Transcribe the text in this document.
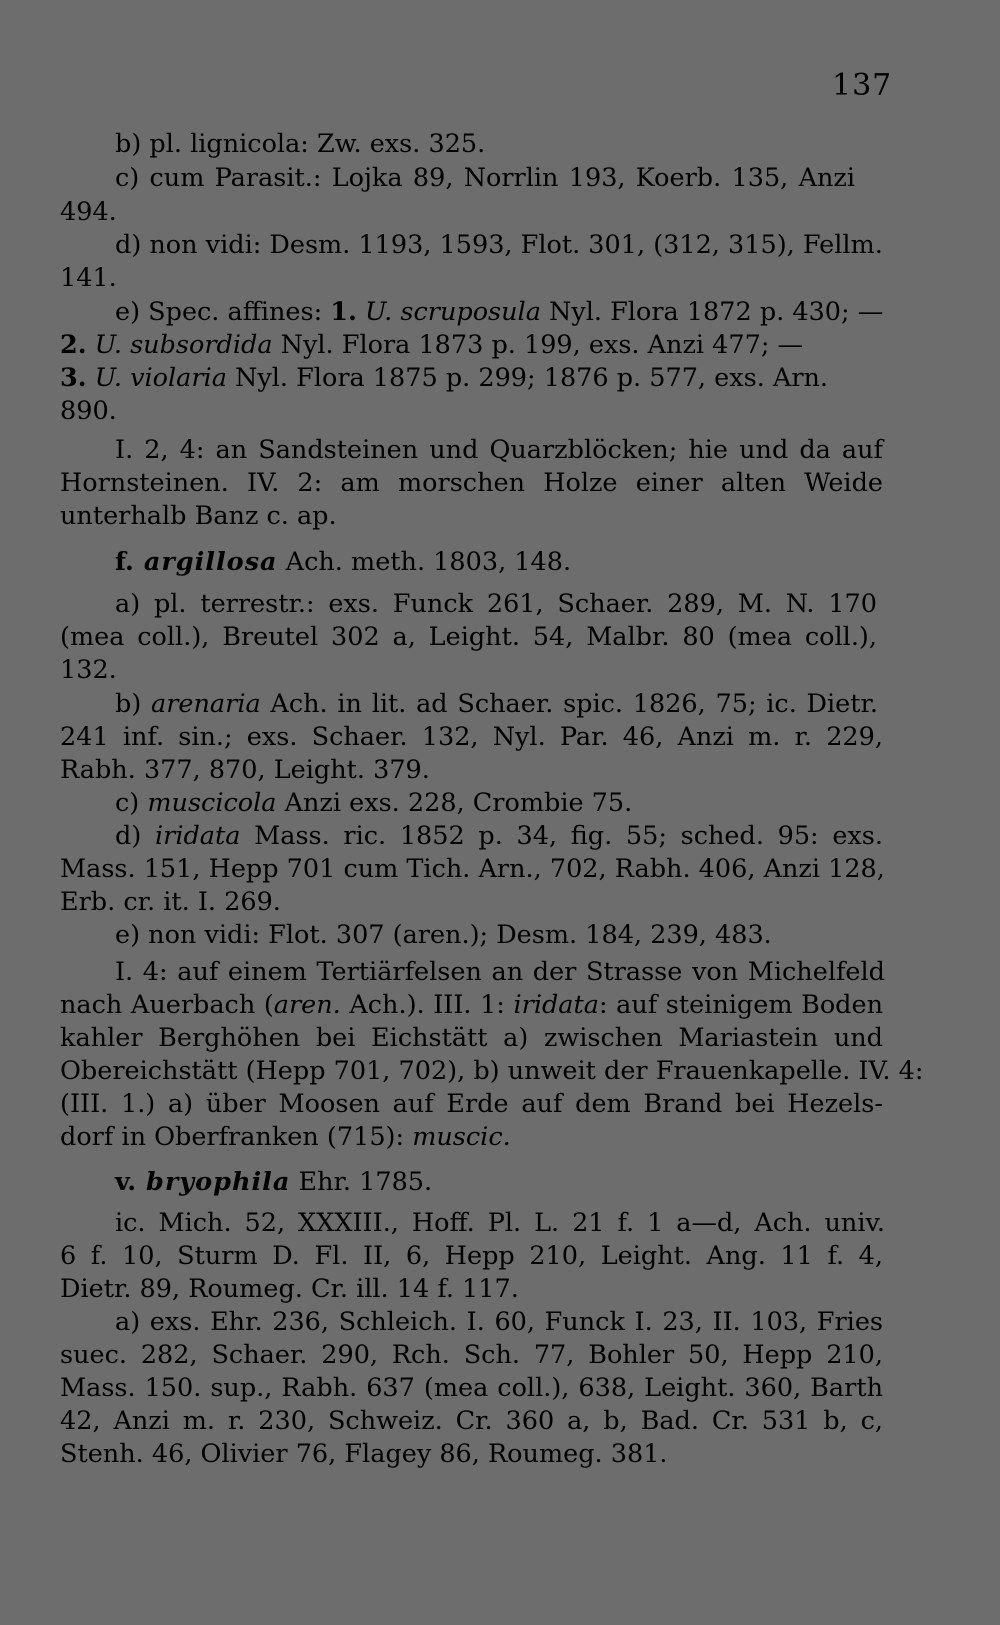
137
b) pl. lignicola: Zw. exs. 325.
c) cum Parasit.: Lojka 89, Norrlin 193, Koerb. 135, Anzi
494.
d) non vidi: Desm. 1193, 1593, Flot. 301, (312, 315), Fellm.
141.
e) Spec. affines: 1. U. scruposula Nyl. Flora 1872 p. 430; —
2. U. subsordida Nyl. Flora 1873 p. 199, exs. Anzi 477; —
3. U. violaria Nyl. Flora 1875 p. 299; 1876 p. 577, exs. Arn.
890.
I. 2, 4: an Sandsteinen und Quarzblöcken; hie und da auf
Hornsteinen. IV. 2: am morschen Holze einer alten Weide
unterhalb Banz c. ap.
f. argillosa Ach. meth. 1803, 148.
a) pl. terrestr.: exs. Funck 261, Schaer. 289, M. N. 170
(mea coll.), Breutel 302 a, Leight. 54, Malbr. 80 (mea coll.),
132.
b) arenaria Ach. in lit. ad Schaer. spic. 1826, 75; ic. Dietr.
241 inf. sin.; exs. Schaer. 132, Nyl. Par. 46, Anzi m. r. 229,
Rabh. 377, 870, Leight. 379.
c) muscicola Anzi exs. 228, Crombie 75.
d) iridata Mass. ric. 1852 p. 34, fig. 55; sched. 95: exs.
Mass. 151, Hepp 701 cum Tich. Arn., 702, Rabh. 406, Anzi 128,
Erb. cr. it. I. 269.
e) non vidi: Flot. 307 (aren.); Desm. 184, 239, 483.
I. 4: auf einem Tertiärfelsen an der Strasse von Michelfeld
nach Auerbach (aren. Ach.). III. 1: iridata: auf steinigem Boden
kahler Berghöhen bei Eichstätt a) zwischen Mariastein und
Obereichstätt (Hepp 701, 702), b) unweit der Frauenkapelle. IV. 4:
(III. 1.) a) über Moosen auf Erde auf dem Brand bei Hezels-
dorf in Oberfranken (715): muscic.
v. bryophila Ehr. 1785.
ic. Mich. 52, XXXIII., Hoff. Pl. L. 21 f. 1 a—d, Ach. univ.
6 f. 10, Sturm D. Fl. II, 6, Hepp 210, Leight. Ang. 11 f. 4,
Dietr. 89, Roumeg. Cr. ill. 14 f. 117.
a) exs. Ehr. 236, Schleich. I. 60, Funck I. 23, II. 103, Fries
suec. 282, Schaer. 290, Rch. Sch. 77, Bohler 50, Hepp 210,
Mass. 150. sup., Rabh. 637 (mea coll.), 638, Leight. 360, Barth
42, Anzi m. r. 230, Schweiz. Cr. 360 a, b, Bad. Cr. 531 b, c,
Stenh. 46, Olivier 76, Flagey 86, Roumeg. 381.
